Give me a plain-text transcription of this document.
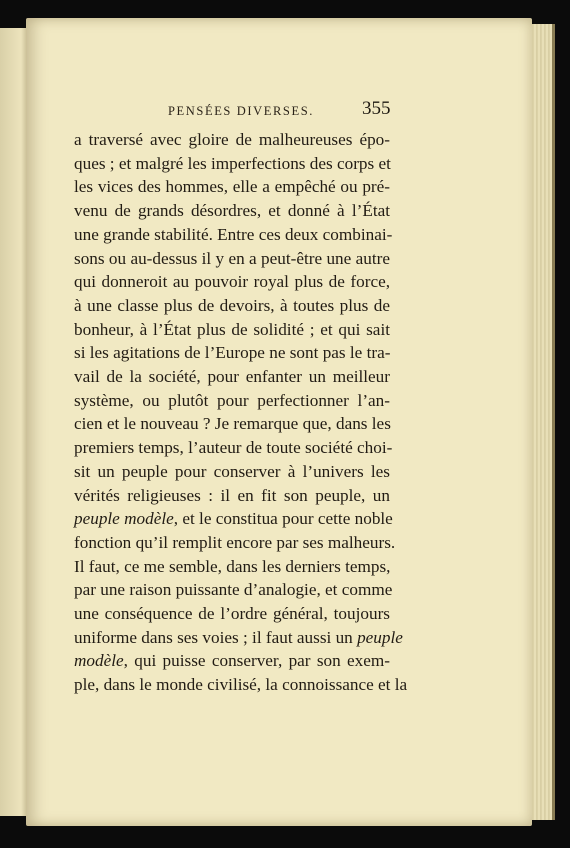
PENSÉES DIVERSES.	355
a traversé avec gloire de malheureuses épo-
ques ; et malgré les imperfections des corps et
les vices des hommes, elle a empêché ou pré-
venu de grands désordres, et donné à l’État
une grande stabilité. Entre ces deux combinai-
sons ou au-dessus il y en a peut-être une autre
qui donneroit au pouvoir royal plus de force,
à une classe plus de devoirs, à toutes plus de
bonheur, à l’État plus de solidité ; et qui sait
si les agitations de l’Europe ne sont pas le tra-
vail de la société, pour enfanter un meilleur
système, ou plutôt pour perfectionner l’an-
cien et le nouveau ? Je remarque que, dans les
premiers temps, l’auteur de toute société choi-
sit un peuple pour conserver à l’univers les
vérités religieuses : il en fit son peuple, un
peuple modèle, et le constitua pour cette noble
fonction qu’il remplit encore par ses malheurs.
Il faut, ce me semble, dans les derniers temps,
par une raison puissante d’analogie, et comme
une conséquence de l’ordre général, toujours
uniforme dans ses voies ; il faut aussi un peuple
modèle, qui puisse conserver, par son exem-
ple, dans le monde civilisé, la connoissance et la
